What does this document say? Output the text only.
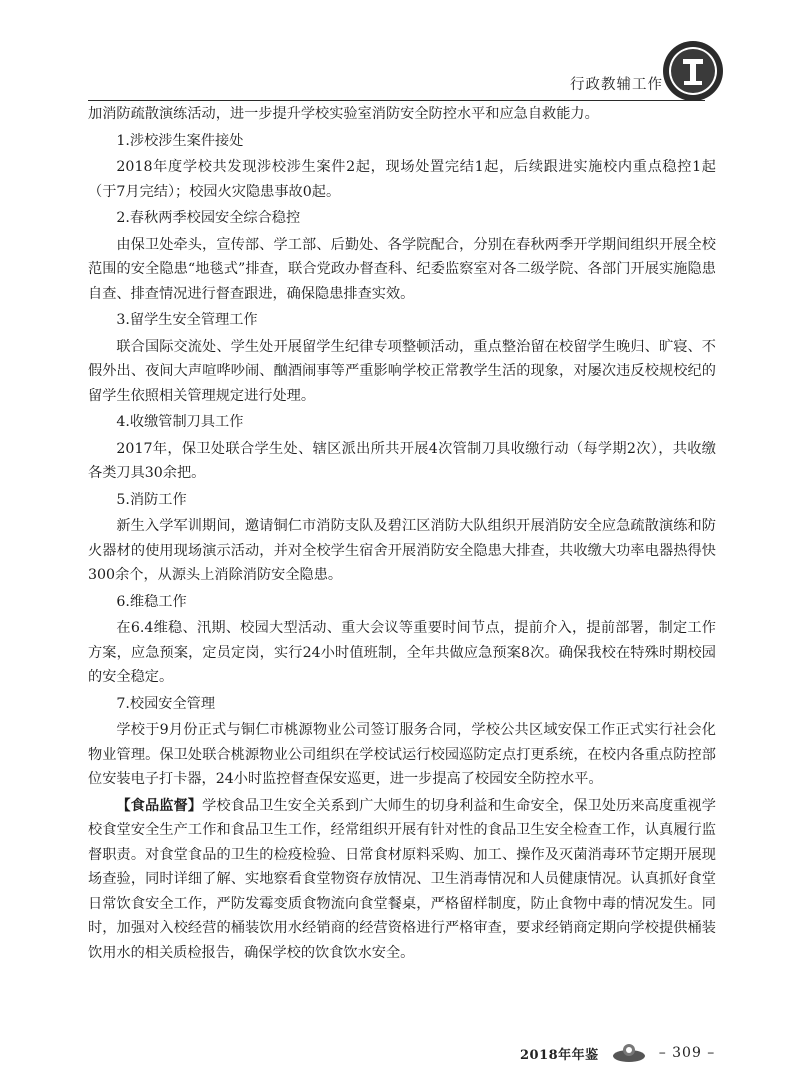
行政教辅工作

加消防疏散演练活动，进一步提升学校实验室消防安全防控水平和应急自救能力。

1.涉校涉生案件接处

2018年度学校共发现涉校涉生案件2起，现场处置完结1起，后续跟进实施校内重点稳控1起（于7月完结）；校园火灾隐患事故0起。

2.春秋两季校园安全综合稳控

由保卫处牵头，宣传部、学工部、后勤处、各学院配合，分别在春秋两季开学期间组织开展全校范围的安全隐患“地毯式”排查，联合党政办督查科、纪委监察室对各二级学院、各部门开展实施隐患自查、排查情况进行督查跟进，确保隐患排查实效。

3.留学生安全管理工作

联合国际交流处、学生处开展留学生纪律专项整顿活动，重点整治留在校留学生晚归、旷寝、不假外出、夜间大声喧哗吵闹、酗酒闹事等严重影响学校正常教学生活的现象，对屡次违反校规校纪的留学生依照相关管理规定进行处理。

4.收缴管制刀具工作

2017年，保卫处联合学生处、辖区派出所共开展4次管制刀具收缴行动（每学期2次），共收缴各类刀具30余把。

5.消防工作

新生入学军训期间，邀请铜仁市消防支队及碧江区消防大队组织开展消防安全应急疏散演练和防火器材的使用现场演示活动，并对全校学生宿舍开展消防安全隐患大排查，共收缴大功率电器热得快300余个，从源头上消除消防安全隐患。

6.维稳工作

在6.4维稳、汛期、校园大型活动、重大会议等重要时间节点，提前介入，提前部署，制定工作方案，应急预案，定员定岗，实行24小时值班制，全年共做应急预案8次。确保我校在特殊时期校园的安全稳定。

7.校园安全管理

学校于9月份正式与铜仁市桃源物业公司签订服务合同，学校公共区域安保工作正式实行社会化物业管理。保卫处联合桃源物业公司组织在学校试运行校园巡防定点打更系统，在校内各重点防控部位安装电子打卡器，24小时监控督查保安巡更，进一步提高了校园安全防控水平。

【食品监督】学校食品卫生安全关系到广大师生的切身利益和生命安全，保卫处历来高度重视学校食堂安全生产工作和食品卫生工作，经常组织开展有针对性的食品卫生安全检查工作，认真履行监督职责。对食堂食品的卫生的检疫检验、日常食材原料采购、加工、操作及灭菌消毒环节定期开展现场查验，同时详细了解、实地察看食堂物资存放情况、卫生消毒情况和人员健康情况。认真抓好食堂日常饮食安全工作，严防发霉变质食物流向食堂餐桌，严格留样制度，防止食物中毒的情况发生。同时，加强对入校经营的桶装饮用水经销商的经营资格进行严格审查，要求经销商定期向学校提供桶装饮用水的相关质检报告，确保学校的饮食饮水安全。

2018年年鉴	– 309 –
